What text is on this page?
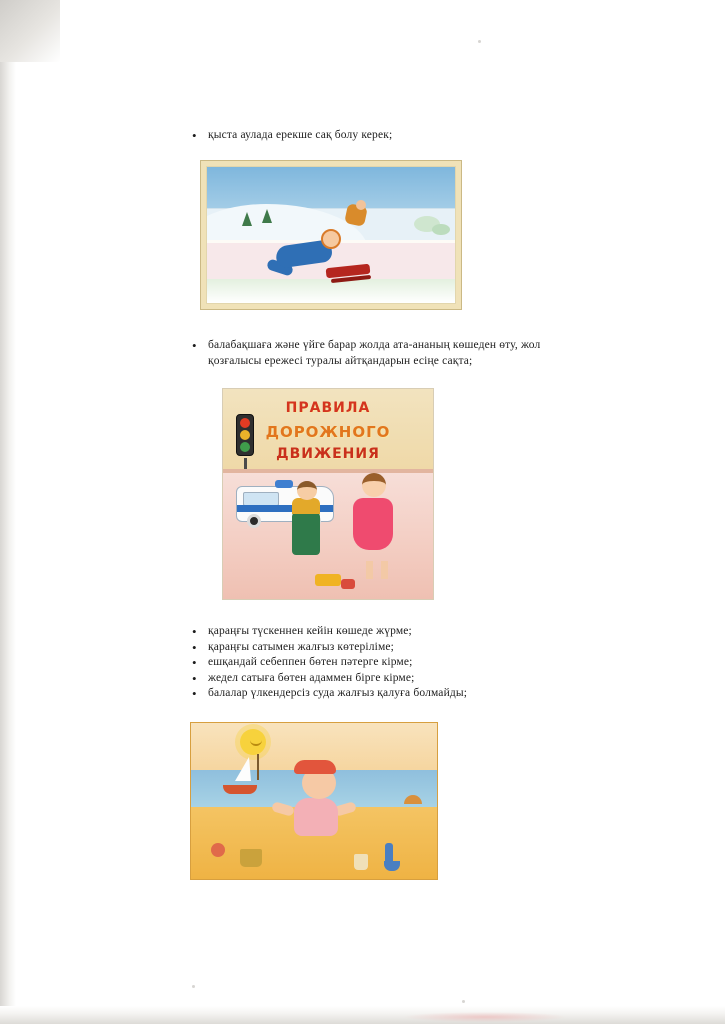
• қыста аулада ерекше сақ болу керек;
• балабақшаға және үйге барар жолда ата-ананың көшеден өту, жол қозғалысы ережесі туралы айтқандарын есіңе сақта;
ПРАВИЛА
ДОРОЖНОГО
ДВИЖЕНИЯ
• қараңғы түскеннен кейін көшеде жүрме;
• қараңғы сатымен жалғыз көтеріліме;
• ешқандай себеппен бөтен пәтерге кірме;
• жедел сатыға бөтен адаммен бірге кірме;
• балалар үлкендерсіз суда жалғыз қалуға болмайды;
